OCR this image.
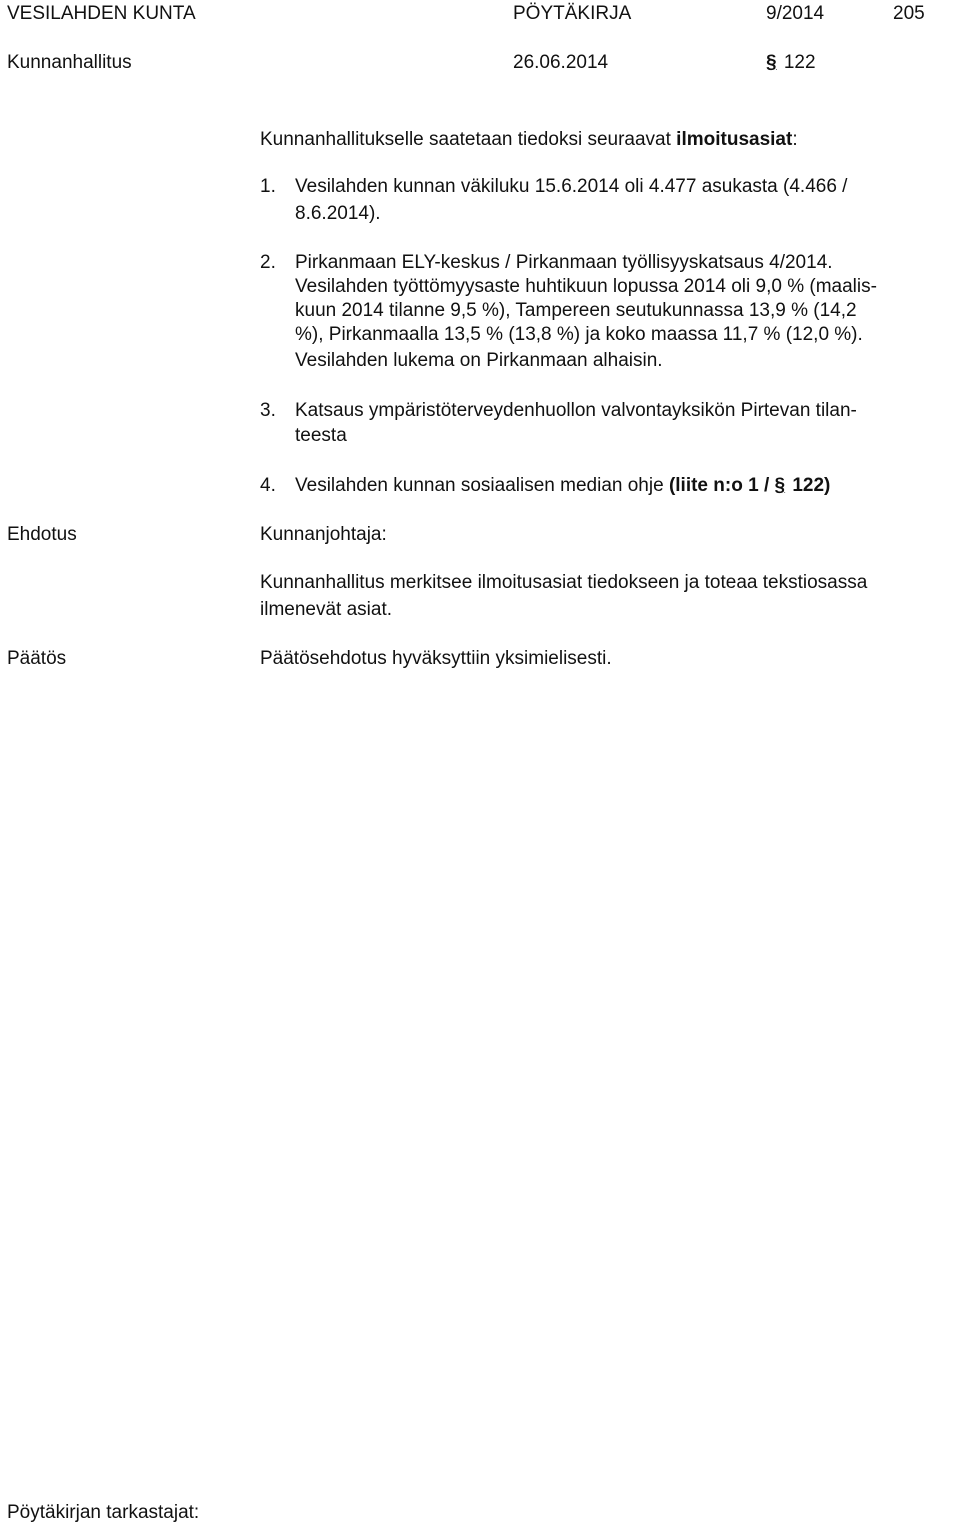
VESILAHDEN KUNTA	PÖYTÄKIRJA	9/2014	205
Kunnanhallitus	26.06.2014	§ 122
Kunnanhallitukselle saatetaan tiedoksi seuraavat ilmoitusasiat:
1. Vesilahden kunnan väkiluku 15.6.2014 oli 4.477 asukasta (4.466 /
8.6.2014).
2. Pirkanmaan ELY-keskus / Pirkanmaan työllisyyskatsaus 4/2014.
Vesilahden työttömyysaste huhtikuun lopussa 2014 oli 9,0 % (maalis-
kuun 2014 tilanne 9,5 %), Tampereen seutukunnassa 13,9 % (14,2
%), Pirkanmaalla 13,5 % (13,8 %) ja koko maassa 11,7 % (12,0 %).
Vesilahden lukema on Pirkanmaan alhaisin.
3. Katsaus ympäristöterveydenhuollon valvontayksikön Pirtevan tilan-
teesta
4. Vesilahden kunnan sosiaalisen median ohje (liite n:o 1 / § 122)
Ehdotus	Kunnanjohtaja:
Kunnanhallitus merkitsee ilmoitusasiat tiedokseen ja toteaa tekstiosassa
ilmenevät asiat.
Päätös	Päätösehdotus hyväksyttiin yksimielisesti.
Pöytäkirjan tarkastajat:
